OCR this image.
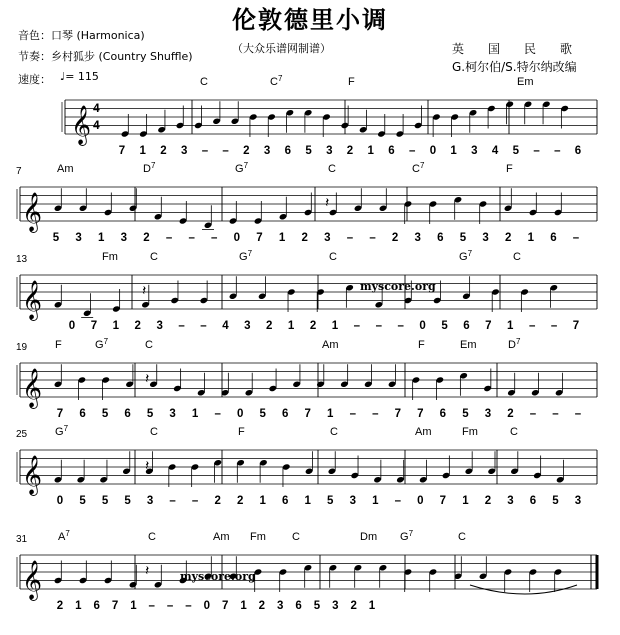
伦敦德里小调
（大众乐谱网制谱）
音色：口琴 (Harmonica)
节奏：乡村狐步 (Country Shuffle)
速度： ♩= 115
英　　国　　民　　歌
G.柯尔伯/S.特尔纳改编
𝄞 4
4
C	$C^7$	F	Em
7 1 2 3 – – 2 3 6 5 3 2 1 6 – 0 1 3 4 5 – – 6
𝄞
7	Am	$D^7$	$G^7$	C	$C^7$	F
𝄽
5 3 1 3 2 – – – 0 7 1 2 3 – – 2 3 6 5 3 2 1 6 –
𝄞
13	Fm	C	$G^7$	C	$G^7$	C
𝄽	myscore.org
0 7 1 2 3 – – 4 3 2 1 2 1 – – – 0 5 6 7 1 – – 7
𝄞
19	F	$G^7$	C	Am	F	Em	$D^7$
𝄽
7 6 5 6 5 3 1 – 0 5 6 7 1 – – 7 7 6 5 3 2 – – –
𝄞
25	$G^7$	C	F	C	Am	Fm	C
𝄽
0 5 5 5 3 – – 2 2 1 6 1 5 3 1 – 0 7 1 2 3 6 5 3
𝄞
31	$A^7$	C	Am Fm C	Dm $G^7$	C
𝄽	myscore.org
2 1 6 7 1 – – – 0 7 1 2 3 6 5 3 2 1
